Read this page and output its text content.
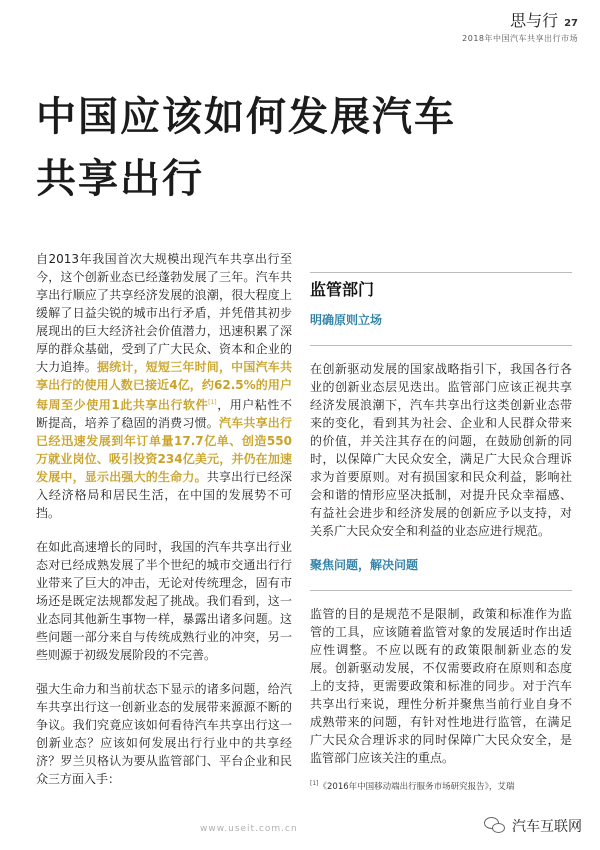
思与行 27
2018年中国汽车共享出行市场
中国应该如何发展汽车
共享出行

自2013年我国首次大规模出现汽车共享出行至今，这个创新业态已经蓬勃发展了三年。汽车共享出行顺应了共享经济发展的浪潮，很大程度上缓解了日益尖锐的城市出行矛盾，并凭借其初步展现出的巨大经济社会价值潜力，迅速积累了深厚的群众基础，受到了广大民众、资本和企业的大力追捧。据统计，短短三年时间，中国汽车共享出行的使用人数已接近4亿，约62.5%的用户每周至少使用1此共享出行软件[1]，用户粘性不断提高，培养了稳固的消费习惯。汽车共享出行已经迅速发展到年订单量17.7亿单、创造550万就业岗位、吸引投资234亿美元，并仍在加速发展中，显示出强大的生命力。共享出行已经深入经济格局和居民生活，在中国的发展势不可挡。

在如此高速增长的同时，我国的汽车共享出行业态对已经成熟发展了半个世纪的城市交通出行行业带来了巨大的冲击，无论对传统理念，固有市场还是既定法规都发起了挑战。我们看到，这一业态同其他新生事物一样，暴露出诸多问题。这些问题一部分来自与传统成熟行业的冲突，另一些则源于初级发展阶段的不完善。

强大生命力和当前状态下显示的诸多问题，给汽车共享出行这一创新业态的发展带来源源不断的争议。我们究竟应该如何看待汽车共享出行这一创新业态？应该如何发展出行行业中的共享经济？罗兰贝格认为要从监管部门、平台企业和民众三方面入手：

监管部门
明确原则立场

在创新驱动发展的国家战略指引下，我国各行各业的创新业态层见迭出。监管部门应该正视共享经济发展浪潮下，汽车共享出行这类创新业态带来的变化，看到其为社会、企业和人民群众带来的价值，并关注其存在的问题，在鼓励创新的同时，以保障广大民众安全，满足广大民众合理诉求为首要原则。对有损国家和民众利益，影响社会和谐的情形应坚决抵制，对提升民众幸福感、有益社会进步和经济发展的创新应予以支持，对关系广大民众安全和利益的业态应进行规范。

聚焦问题，解决问题

监管的目的是规范不是限制，政策和标准作为监管的工具，应该随着监管对象的发展适时作出适应性调整。不应以既有的政策限制新业态的发展。创新驱动发展，不仅需要政府在原则和态度上的支持，更需要政策和标准的同步。对于汽车共享出行来说，理性分析并聚焦当前行业自身不成熟带来的问题，有针对性地进行监管，在满足广大民众合理诉求的同时保障广大民众安全，是监管部门应该关注的重点。

[1]《2016年中国移动端出行服务市场研究报告》，艾瑞
www.useit.com.cn	汽车互联网
